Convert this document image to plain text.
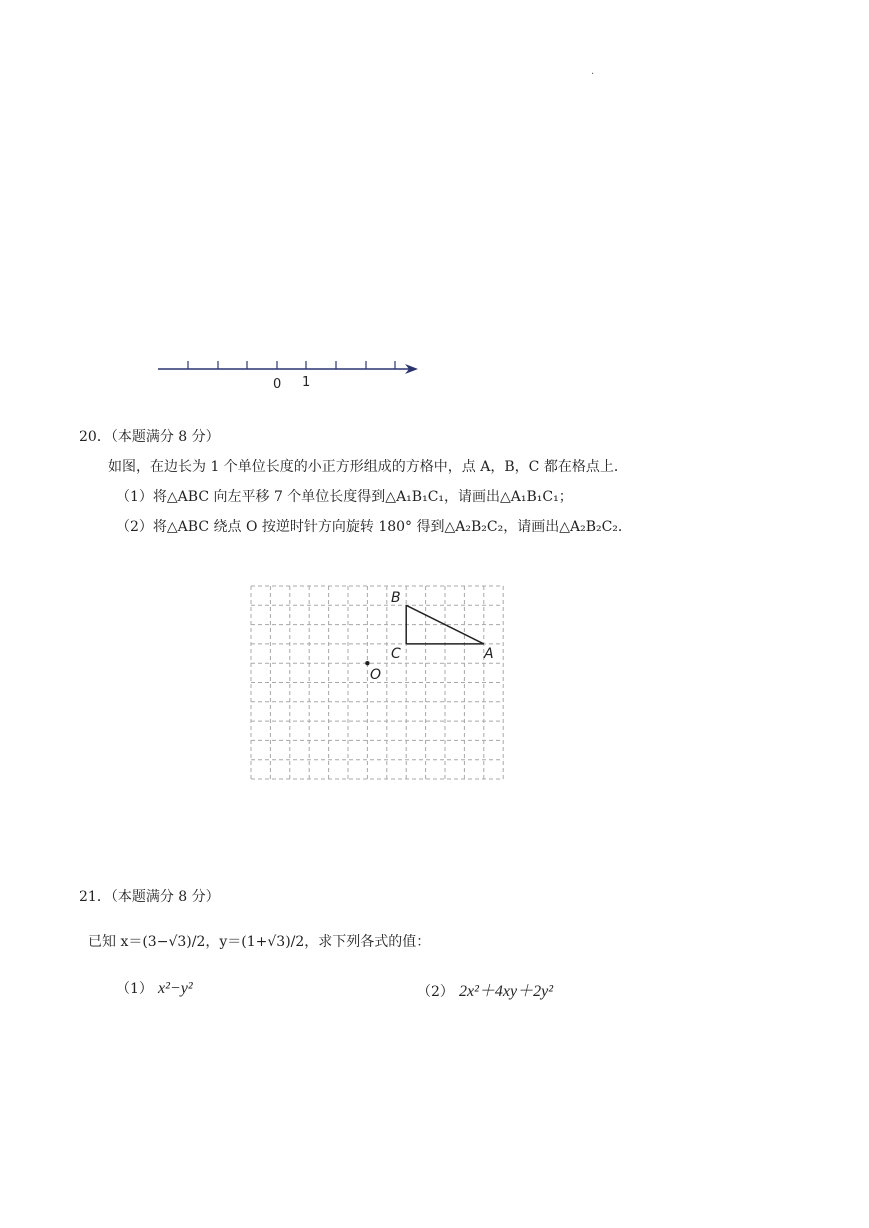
.
0 1
20．（本题满分 8 分）
如图，在边长为 1 个单位长度的小正方形组成的方格中，点 A，B，C 都在格点上．
（1）将△ABC 向左平移 7 个单位长度得到△A₁B₁C₁，请画出△A₁B₁C₁；
（2）将△ABC 绕点 O 按逆时针方向旋转 180° 得到△A₂B₂C₂，请画出△A₂B₂C₂．
B
C	A
O
21．（本题满分 8 分）
已知 x＝(3−√3)/2，y＝(1+√3)/2，求下列各式的值：
（1） x²−y²	（2） 2x²＋4xy＋2y²
